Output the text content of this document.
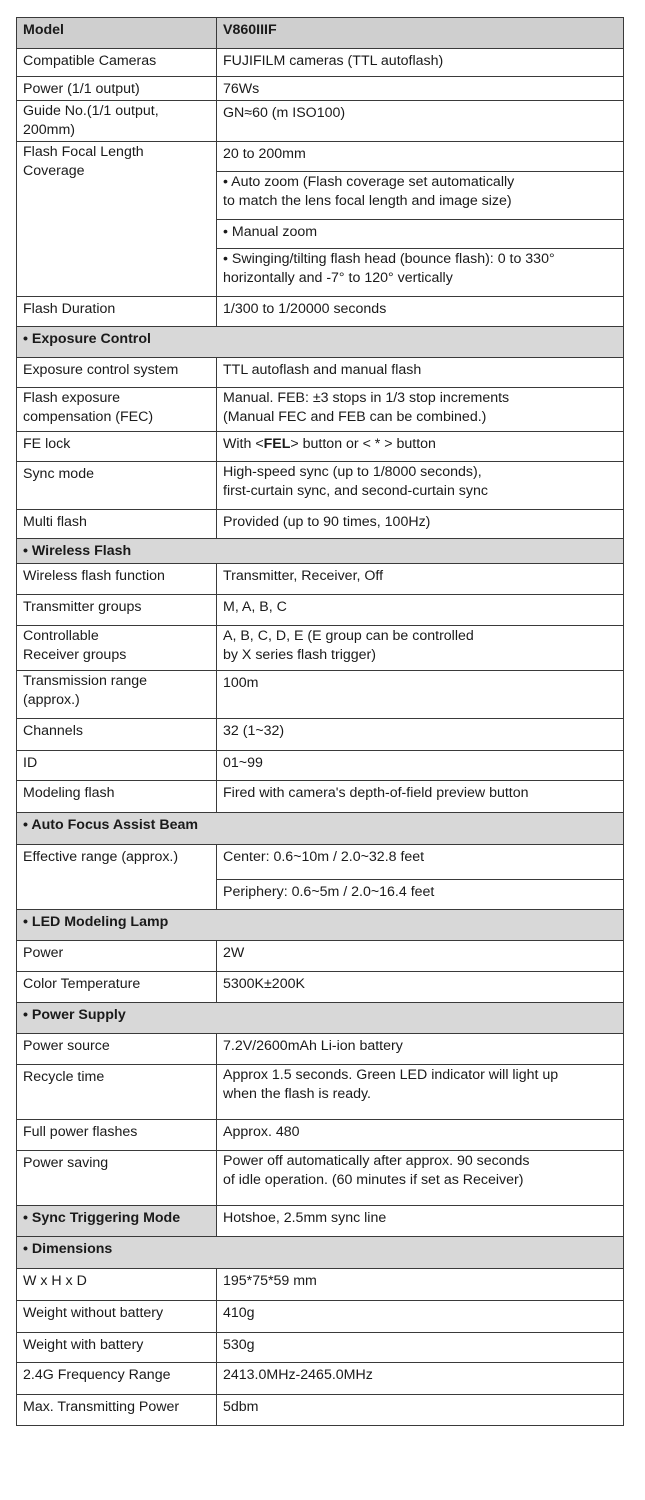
Model	V860IIIF

Compatible Cameras	FUJIFILM cameras (TTL autoflash)

Power (1/1 output)	76Ws

Guide No.(1/1 output,
200mm)	GN≈60 (m ISO100)

Flash Focal Length
Coverage	20 to 200mm

	• Auto zoom (Flash coverage set automatically
to match the lens focal length and image size)

	• Manual zoom

	• Swinging/tilting flash head (bounce flash): 0 to 330°
horizontally and -7° to 120° vertically

Flash Duration	1/300 to 1/20000 seconds

• Exposure Control	

Exposure control system	TTL autoflash and manual flash

Flash exposure
compensation (FEC)	Manual. FEB: ±3 stops in 1/3 stop increments
(Manual FEC and FEB can be combined.)

FE lock	With <FEL> button or < * > button

Sync mode	High-speed sync (up to 1/8000 seconds),
first-curtain sync, and second-curtain sync

Multi flash	Provided (up to 90 times, 100Hz)

• Wireless Flash	

Wireless flash function	Transmitter, Receiver, Off

Transmitter groups	M, A, B, C

Controllable
Receiver groups	A, B, C, D, E (E group can be controlled
by X series flash trigger)

Transmission range
(approx.)	100m

Channels	32 (1~32)

ID	01~99

Modeling flash	Fired with camera's depth-of-field preview button

• Auto Focus Assist Beam	

Effective range (approx.)	Center: 0.6~10m / 2.0~32.8 feet

	Periphery: 0.6~5m / 2.0~16.4 feet

• LED Modeling Lamp	

Power	2W

Color Temperature	5300K±200K

• Power Supply	

Power source	7.2V/2600mAh Li-ion battery

Recycle time	Approx 1.5 seconds. Green LED indicator will light up
when the flash is ready.

Full power flashes	Approx. 480

Power saving	Power off automatically after approx. 90 seconds
of idle operation. (60 minutes if set as Receiver)

• Sync Triggering Mode	Hotshoe, 2.5mm sync line

• Dimensions	

W x H x D	195*75*59 mm

Weight without battery	410g

Weight with battery	530g

2.4G Frequency Range	2413.0MHz-2465.0MHz

Max. Transmitting Power	5dbm
